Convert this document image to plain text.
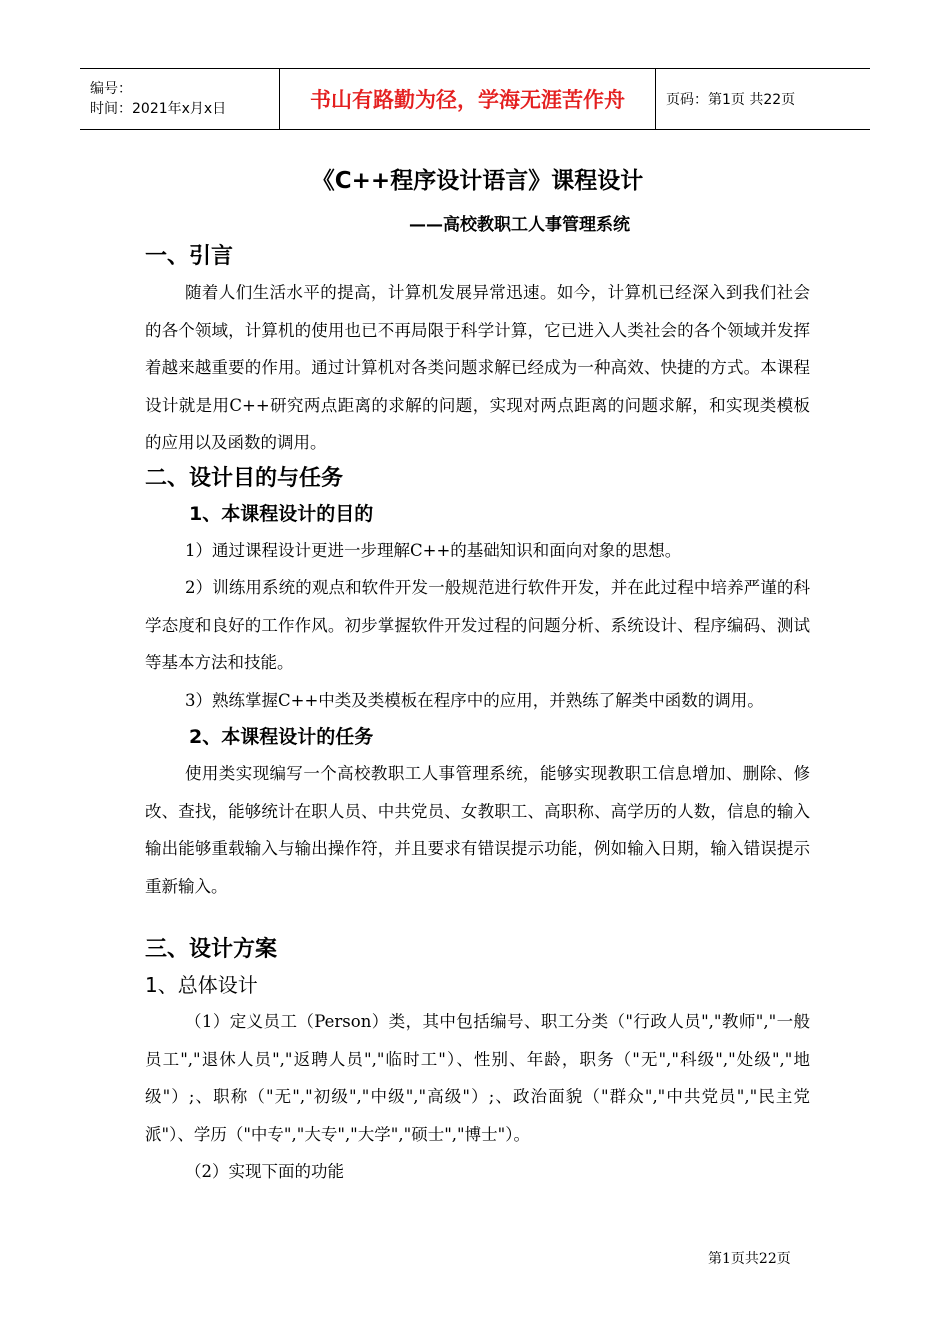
编号：
时间：2021年x月x日	书山有路勤为径，学海无涯苦作舟	页码：第1页 共22页
《C++程序设计语言》课程设计
——高校教职工人事管理系统
一、引言

随着人们生活水平的提高，计算机发展异常迅速。如今，计算机已经深入到我们社会的各个领域，计算机的使用也已不再局限于科学计算，它已进入人类社会的各个领域并发挥着越来越重要的作用。通过计算机对各类问题求解已经成为一种高效、快捷的方式。本课程设计就是用C++研究两点距离的求解的问题，实现对两点距离的问题求解，和实现类模板的应用以及函数的调用。

二、设计目的与任务
1、本课程设计的目的

1）通过课程设计更进一步理解C++的基础知识和面向对象的思想。

2）训练用系统的观点和软件开发一般规范进行软件开发，并在此过程中培养严谨的科学态度和良好的工作作风。初步掌握软件开发过程的问题分析、系统设计、程序编码、测试等基本方法和技能。

3）熟练掌握C++中类及类模板在程序中的应用，并熟练了解类中函数的调用。

2、本课程设计的任务

使用类实现编写一个高校教职工人事管理系统，能够实现教职工信息增加、删除、修改、查找，能够统计在职人员、中共党员、女教职工、高职称、高学历的人数，信息的输入输出能够重载输入与输出操作符，并且要求有错误提示功能，例如输入日期，输入错误提示重新输入。

三、设计方案
1、总体设计

（1）定义员工（Person）类，其中包括编号、职工分类（"行政人员","教师","一般员工","退休人员","返聘人员","临时工"）、性别、年龄，职务（"无","科级","处级","地级"）;、职称（"无","初级","中级","高级"）;、政治面貌（"群众","中共党员","民主党派"）、学历（"中专","大专","大学","硕士","博士"）。

（2）实现下面的功能

第1页共22页
